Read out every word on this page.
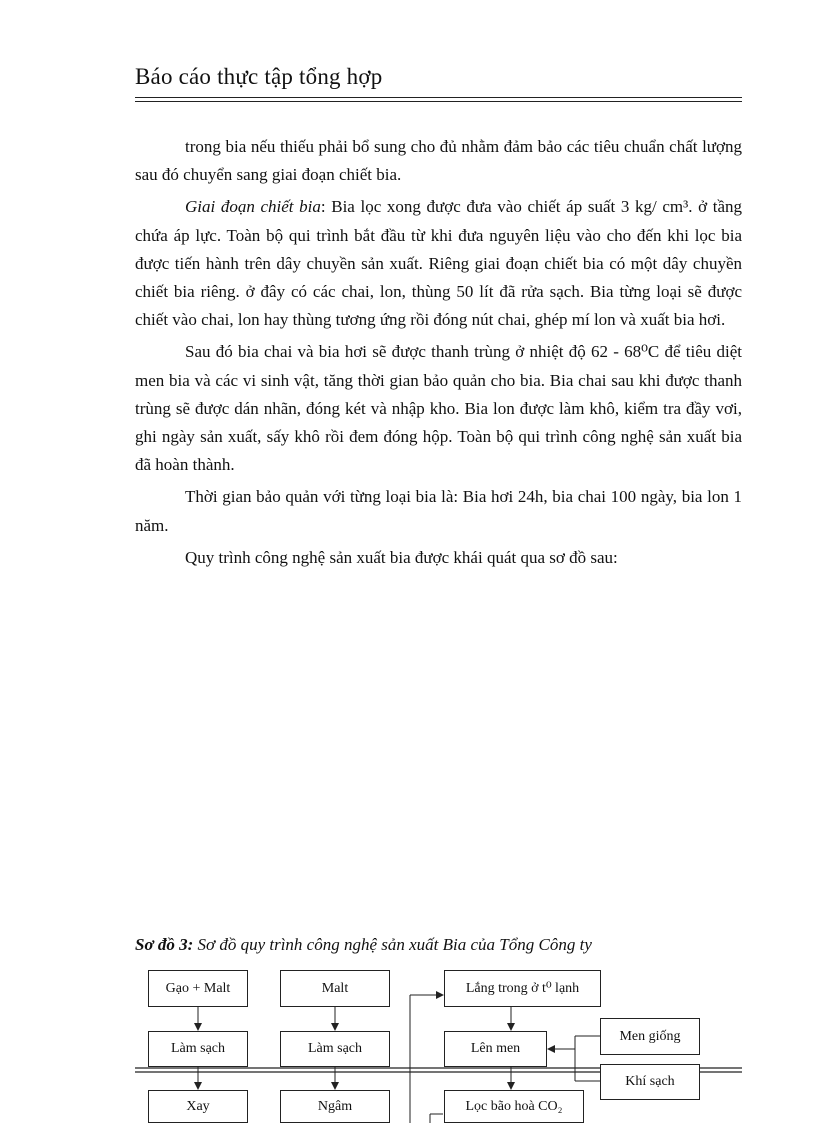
Báo cáo thực tập tổng hợp

trong bia nếu thiếu phải bổ sung cho đủ nhằm đảm bảo các tiêu chuẩn chất lượng sau đó chuyển sang giai đoạn chiết bia.

Giai đoạn chiết bia: Bia lọc xong được đưa vào chiết áp suất 3 kg/ cm³. ở tầng chứa áp lực. Toàn bộ qui trình bắt đầu từ khi đưa nguyên liệu vào cho đến khi lọc bia được tiến hành trên dây chuyền sản xuất. Riêng giai đoạn chiết bia có một dây chuyền chiết bia riêng. ở đây có các chai, lon, thùng 50 lít đã rửa sạch. Bia từng loại sẽ được chiết vào chai, lon hay thùng tương ứng rồi đóng nút chai, ghép mí lon và xuất bia hơi.

Sau đó bia chai và bia hơi sẽ được thanh trùng ở nhiệt độ 62 - 68⁰C để tiêu diệt men bia và các vi sinh vật, tăng thời gian bảo quản cho bia. Bia chai sau khi được thanh trùng sẽ được dán nhãn, đóng két và nhập kho. Bia lon được làm khô, kiểm tra đầy vơi, ghi ngày sản xuất, sấy khô rồi đem đóng hộp. Toàn bộ qui trình công nghệ sản xuất bia đã hoàn thành.

Thời gian bảo quản với từng loại bia là: Bia hơi 24h, bia chai 100 ngày, bia lon 1 năm.

Quy trình công nghệ sản xuất bia được khái quát qua sơ đồ sau:

Sơ đồ 3: Sơ đồ quy trình công nghệ sản xuất Bia của Tổng Công ty
Gạo + Malt	Malt	Lắng trong ở t⁰ lạnh
Men giống
Làm sạch	Làm sạch	Lên men
Khí sạch
Xay	Ngâm	Lọc bão hoà CO₂
